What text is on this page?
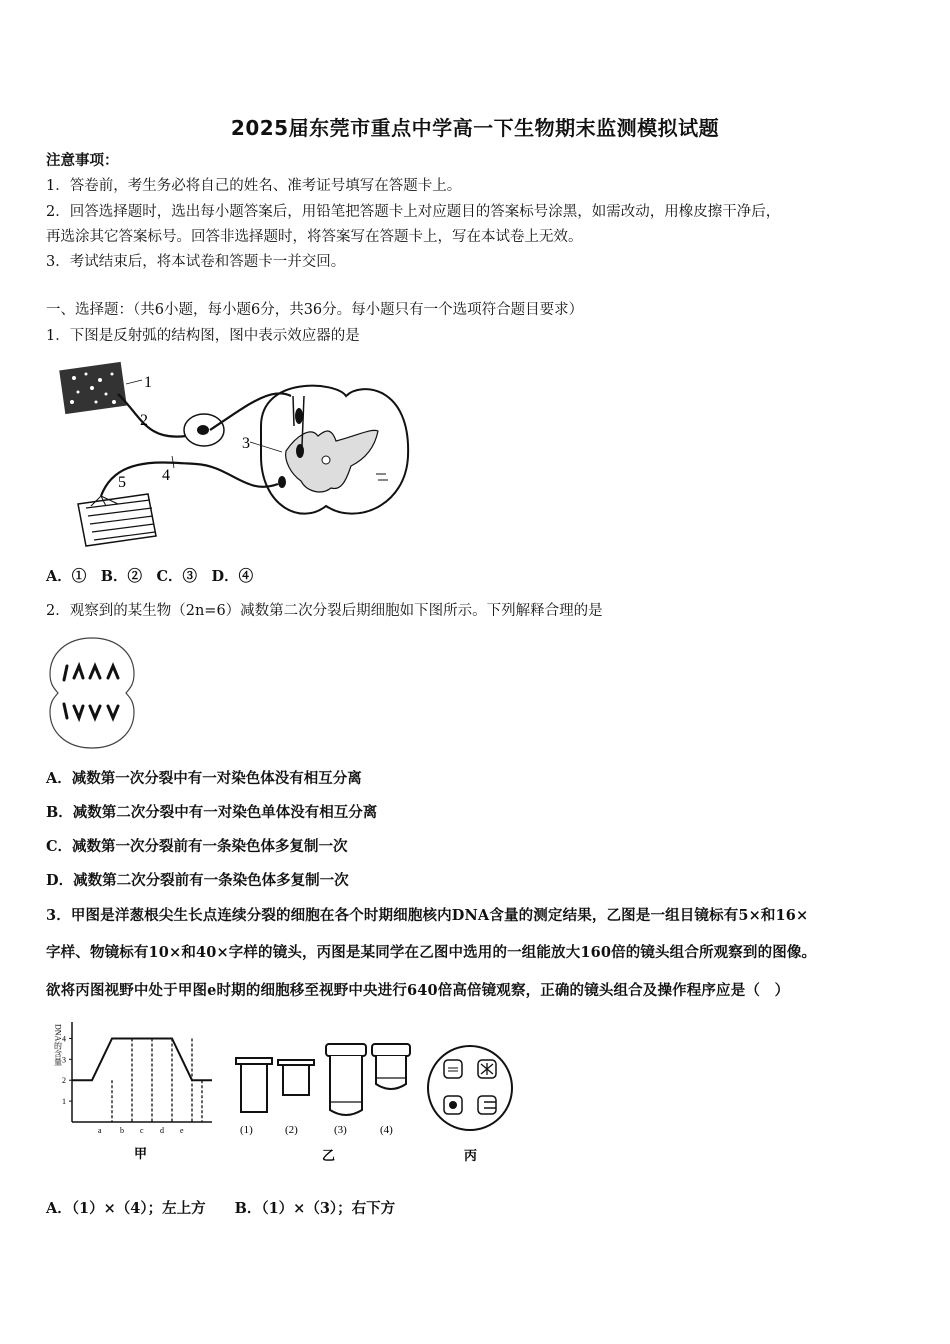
2025届东莞市重点中学高一下生物期末监测模拟试题
注意事项：
1．答卷前，考生务必将自己的姓名、准考证号填写在答题卡上。
2．回答选择题时，选出每小题答案后，用铅笔把答题卡上对应题目的答案标号涂黑，如需改动，用橡皮擦干净后，
再选涂其它答案标号。回答非选择题时，将答案写在答题卡上，写在本试卷上无效。
3．考试结束后，将本试卷和答题卡一并交回。
一、选择题：（共6小题，每小题6分，共36分。每小题只有一个选项符合题目要求）
1．下图是反射弧的结构图，图中表示效应器的是
1
2
3
4
5
A．①　B．②　C．③　D．④
2．观察到的某生物（2n=6）减数第二次分裂后期细胞如下图所示。下列解释合理的是
A．减数第一次分裂中有一对染色体没有相互分离
B．减数第二次分裂中有一对染色单体没有相互分离
C．减数第一次分裂前有一条染色体多复制一次
D．减数第二次分裂前有一条染色体多复制一次
3．甲图是洋葱根尖生长点连续分裂的细胞在各个时期细胞核内DNA含量的测定结果，乙图是一组目镜标有5×和16×
字样、物镜标有10×和40×字样的镜头，丙图是某同学在乙图中选用的一组能放大160倍的镜头组合所观察到的图像。
欲将丙图视野中处于甲图e时期的细胞移至视野中央进行640倍高倍镜观察，正确的镜头组合及操作程序应是（　）
DNA的含量
1
2
3
4
a b c d e
甲
(1)	(2)	(3)	(4)
乙	丙
A．（1）×（4）；左上方　　B．（1）×（3）；右下方
